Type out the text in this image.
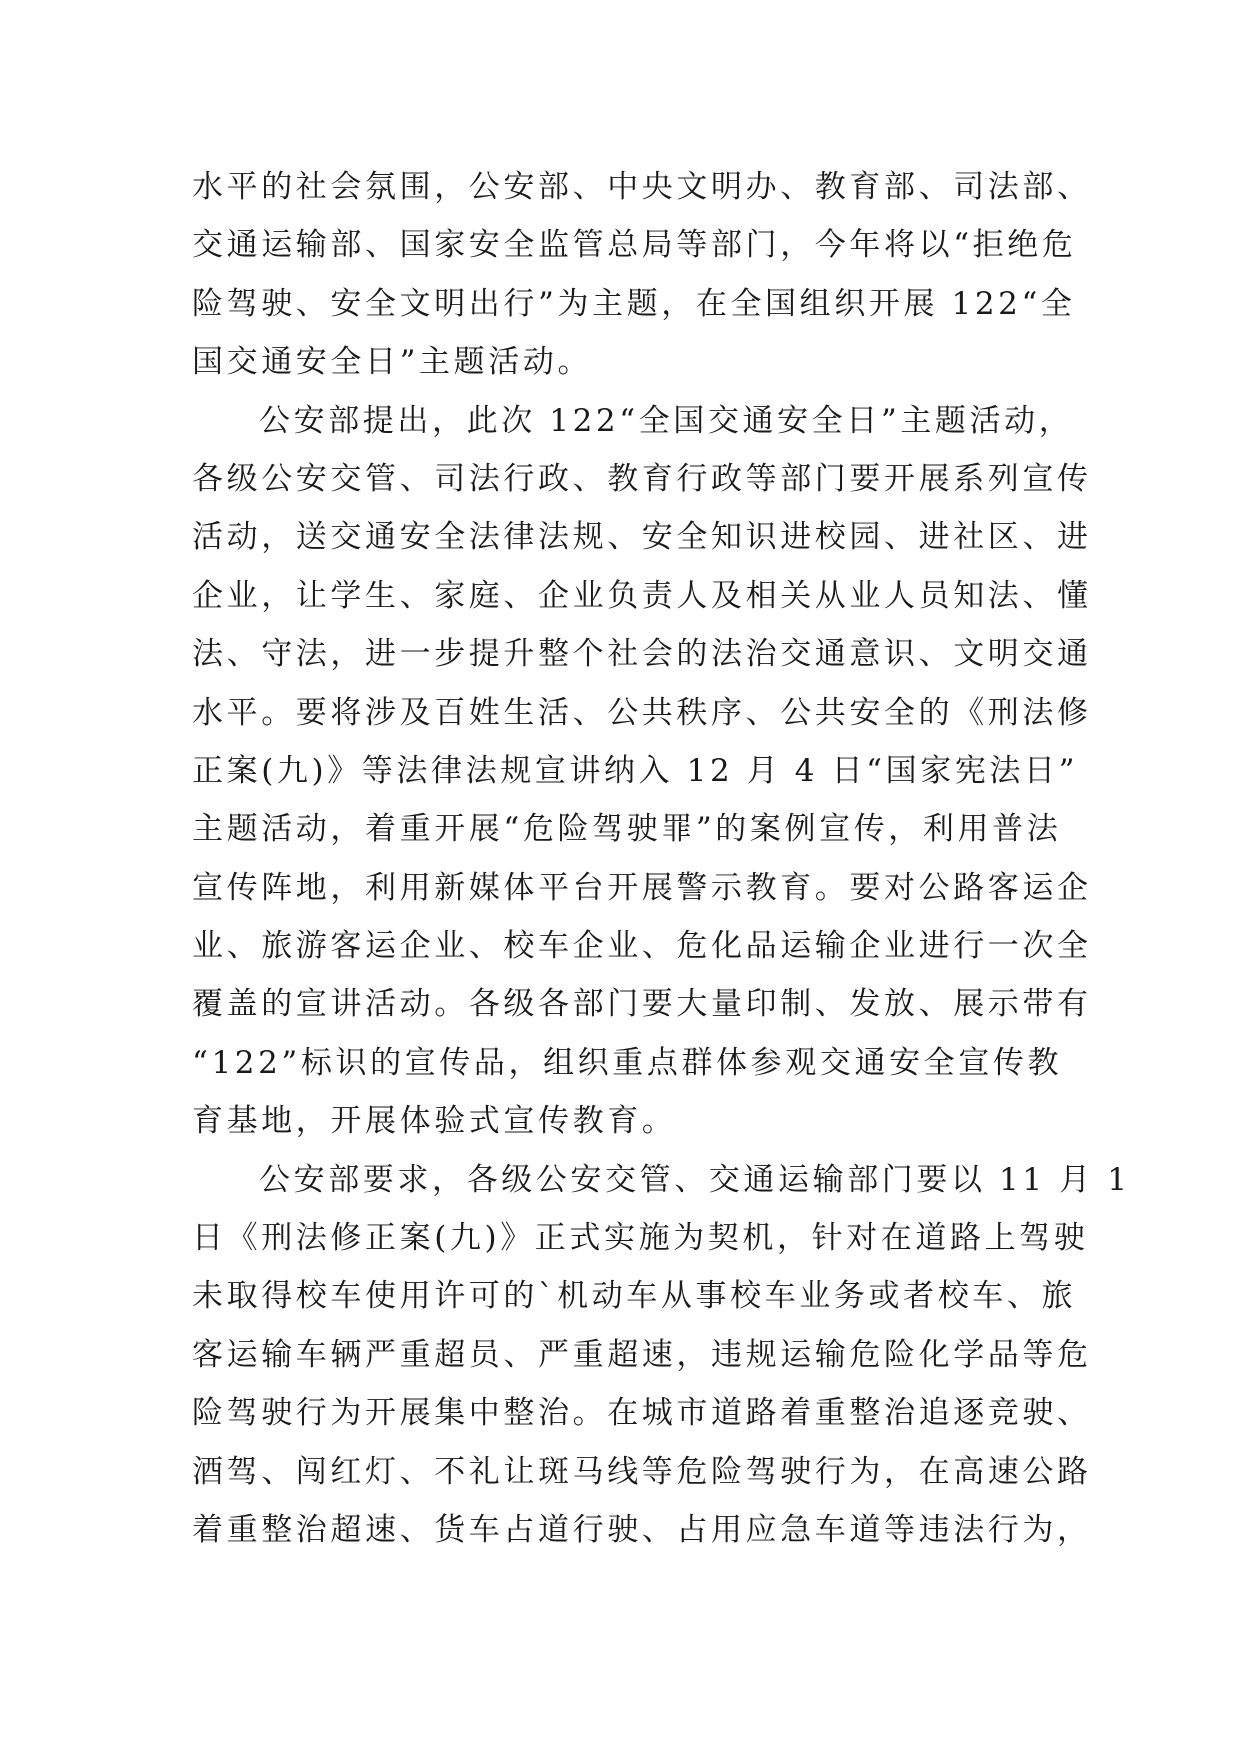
水平的社会氛围，公安部、中央文明办、教育部、司法部、
交通运输部、国家安全监管总局等部门，今年将以“拒绝危
险驾驶、安全文明出行”为主题，在全国组织开展 122“全
国交通安全日”主题活动。
公安部提出，此次 122“全国交通安全日”主题活动，
各级公安交管、司法行政、教育行政等部门要开展系列宣传
活动，送交通安全法律法规、安全知识进校园、进社区、进
企业，让学生、家庭、企业负责人及相关从业人员知法、懂
法、守法，进一步提升整个社会的法治交通意识、文明交通
水平。要将涉及百姓生活、公共秩序、公共安全的《刑法修
正案(九)》等法律法规宣讲纳入 12 月 4 日“国家宪法日”
主题活动，着重开展“危险驾驶罪”的案例宣传，利用普法
宣传阵地，利用新媒体平台开展警示教育。要对公路客运企
业、旅游客运企业、校车企业、危化品运输企业进行一次全
覆盖的宣讲活动。各级各部门要大量印制、发放、展示带有
“122”标识的宣传品，组织重点群体参观交通安全宣传教
育基地，开展体验式宣传教育。
公安部要求，各级公安交管、交通运输部门要以 11 月 1
日《刑法修正案(九)》正式实施为契机，针对在道路上驾驶
未取得校车使用许可的`机动车从事校车业务或者校车、旅
客运输车辆严重超员、严重超速，违规运输危险化学品等危
险驾驶行为开展集中整治。在城市道路着重整治追逐竞驶、
酒驾、闯红灯、不礼让斑马线等危险驾驶行为，在高速公路
着重整治超速、货车占道行驶、占用应急车道等违法行为，
